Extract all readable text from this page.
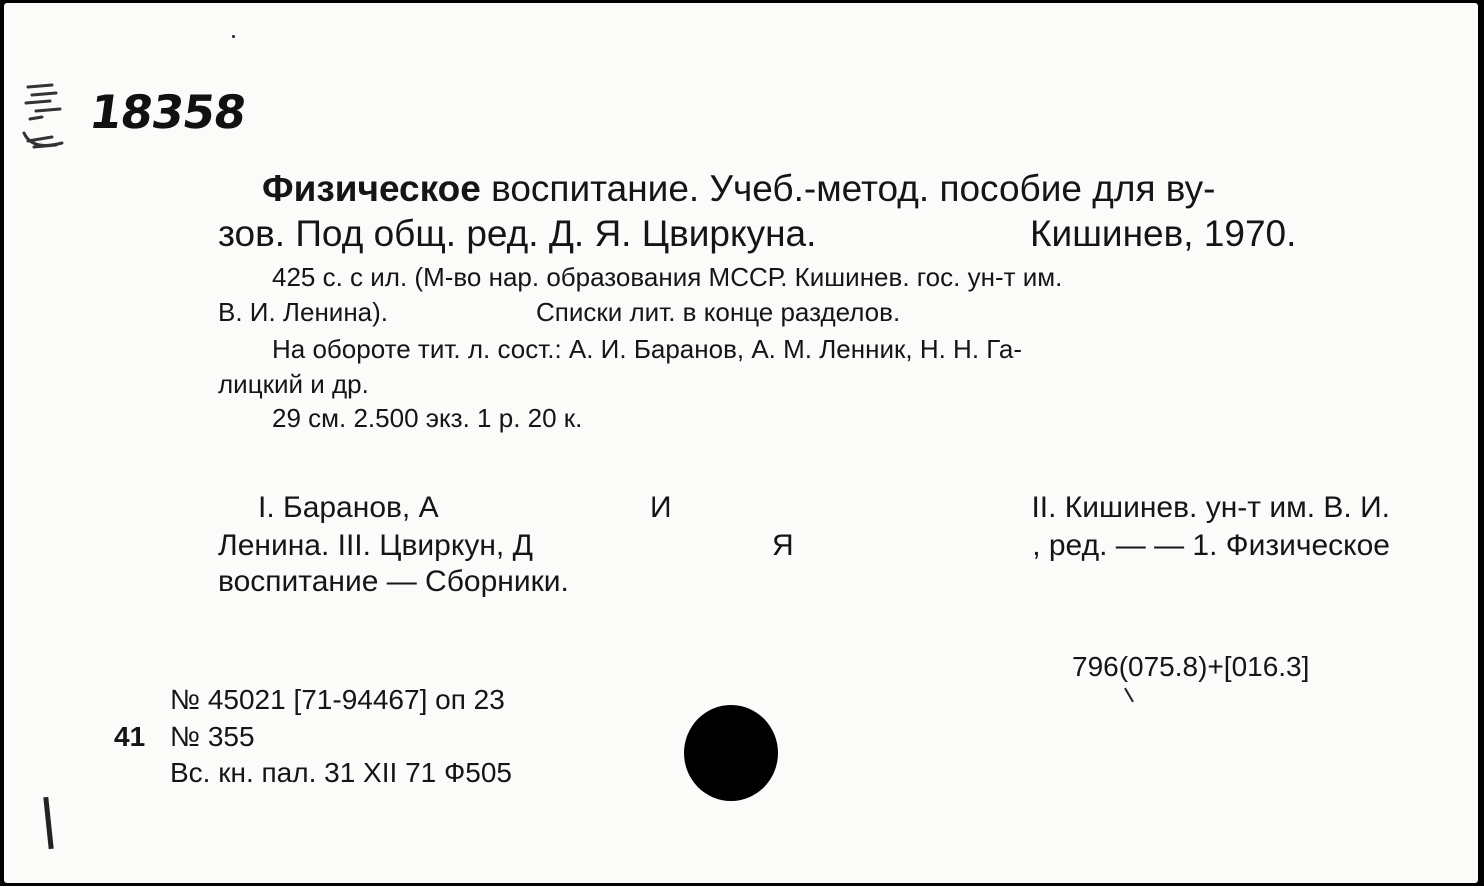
18358
Физическое воспитание. Учеб.-метод. пособие для ву-
зов. Под общ. ред. Д. Я. Цвиркуна.	Кишинев, 1970.
425 с. с ил. (М-во нар. образования МССР. Кишинев. гос. ун-т им.
В. И. Ленина).	Списки лит. в конце разделов.
На обороте тит. л. сост.: А. И. Баранов, А. М. Ленник, Н. Н. Га-
лицкий и др.
29 см. 2.500 экз. 1 р. 20 к.
I. Баранов, А	И	II. Кишинев. ун-т им. В. И.
Ленина. III. Цвиркун, Д	Я	, ред. — — 1. Физическое
воспитание — Сборники.
796(075.8)+[016.3]
№ 45021 [71-94467] оп 23
41 № 355
Вс. кн. пал. 31 XII 71 Ф505
